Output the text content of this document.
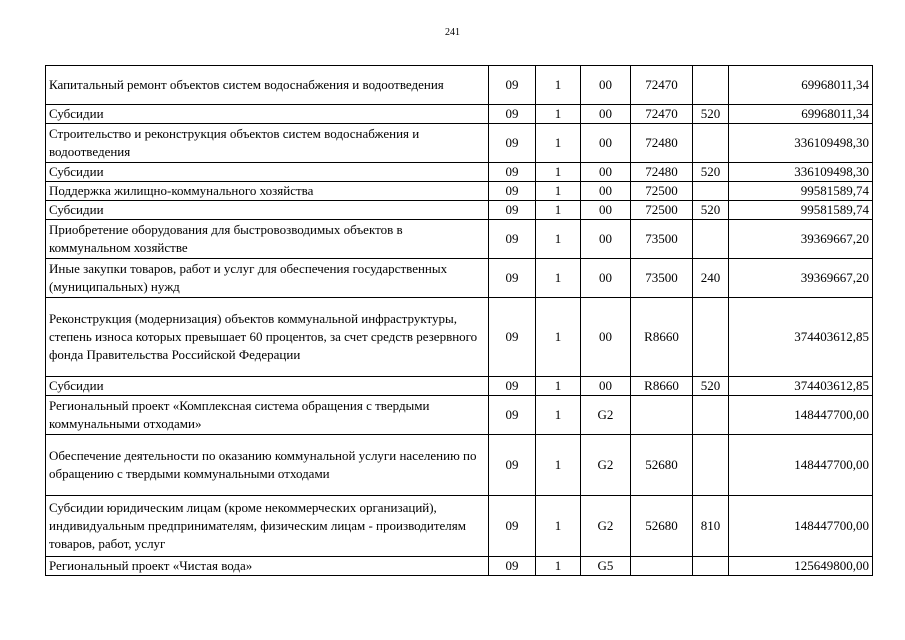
241
Капитальный ремонт объектов систем водоснабжения и водоотведения	09	1	00	72470		69968011,34
Субсидии	09	1	00	72470	520	69968011,34
Строительство и реконструкция объектов систем водоснабжения и водоотведения	09	1	00	72480		336109498,30
Субсидии	09	1	00	72480	520	336109498,30
Поддержка жилищно-коммунального хозяйства	09	1	00	72500		99581589,74
Субсидии	09	1	00	72500	520	99581589,74
Приобретение оборудования для быстровозводимых объектов в коммунальном хозяйстве	09	1	00	73500		39369667,20
Иные закупки товаров, работ и услуг для обеспечения государственных (муниципальных) нужд	09	1	00	73500	240	39369667,20
Реконструкция (модернизация) объектов коммунальной инфраструктуры, степень износа которых превышает 60 процентов, за счет средств резервного фонда Правительства Российской Федерации	09	1	00	R8660		374403612,85
Субсидии	09	1	00	R8660	520	374403612,85
Региональный проект «Комплексная система обращения с твердыми коммунальными отходами»	09	1	G2			148447700,00
Обеспечение деятельности по оказанию коммунальной услуги населению по обращению с твердыми коммунальными отходами	09	1	G2	52680		148447700,00
Субсидии юридическим лицам (кроме некоммерческих организаций), индивидуальным предпринимателям, физическим лицам - производителям товаров, работ, услуг	09	1	G2	52680	810	148447700,00
Региональный проект «Чистая вода»	09	1	G5			125649800,00
